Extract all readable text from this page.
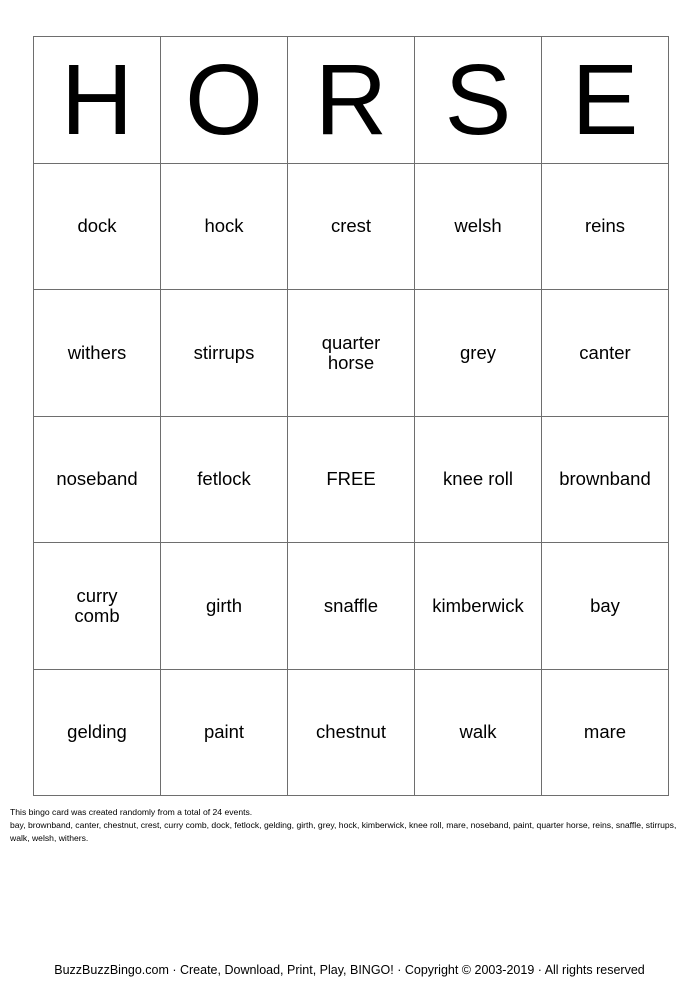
H	O	R	S	E
dock	hock	crest	welsh	reins
withers	stirrups	quarter horse	grey	canter
noseband	fetlock	FREE	knee roll	brownband
curry comb	girth	snaffle	kimberwick	bay
gelding	paint	chestnut	walk	mare
This bingo card was created randomly from a total of 24 events.
bay, brownband, canter, chestnut, crest, curry comb, dock, fetlock, gelding, girth, grey, hock, kimberwick, knee roll, mare, noseband, paint, quarter horse, reins, snaffle, stirrups, walk, welsh, withers.
BuzzBuzzBingo.com · Create, Download, Print, Play, BINGO! · Copyright © 2003-2019 · All rights reserved
